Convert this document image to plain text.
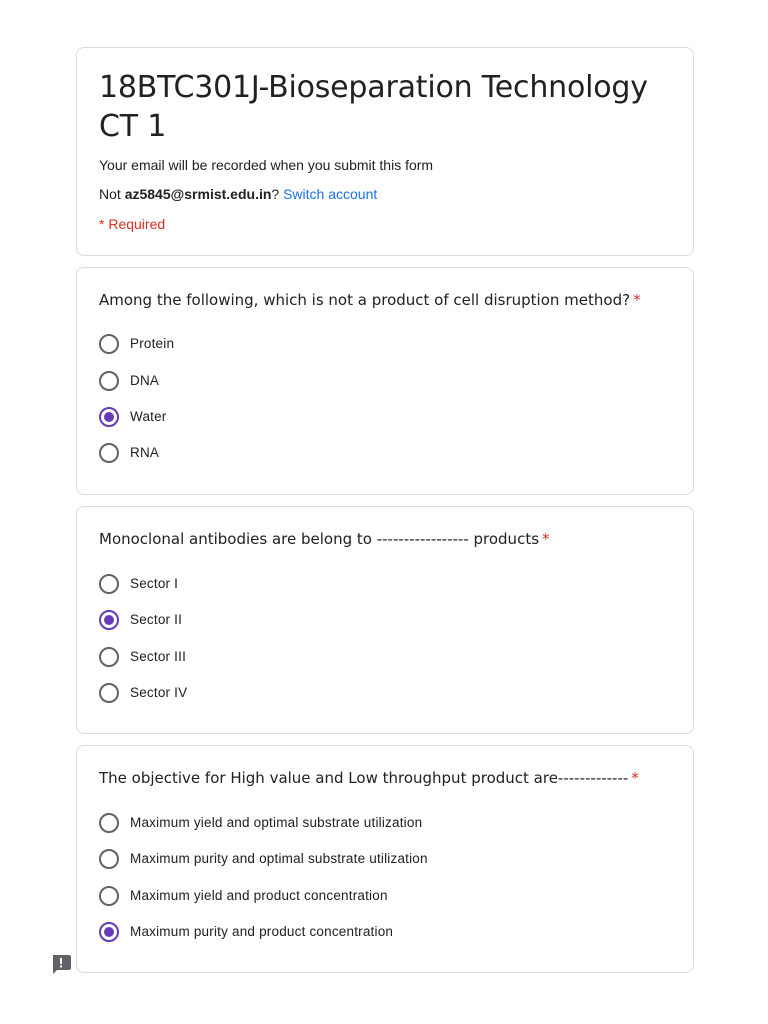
18BTC301J-Bioseparation Technology CT 1
Your email will be recorded when you submit this form
Not az5845@srmist.edu.in? Switch account
* Required
Among the following, which is not a product of cell disruption method? *
Protein
DNA
Water
RNA
Monoclonal antibodies are belong to ----------------- products *
Sector I
Sector II
Sector III
Sector IV
The objective for High value and Low throughput product are------------- *
Maximum yield and optimal substrate utilization
Maximum purity and optimal substrate utilization
Maximum yield and product concentration
Maximum purity and product concentration
